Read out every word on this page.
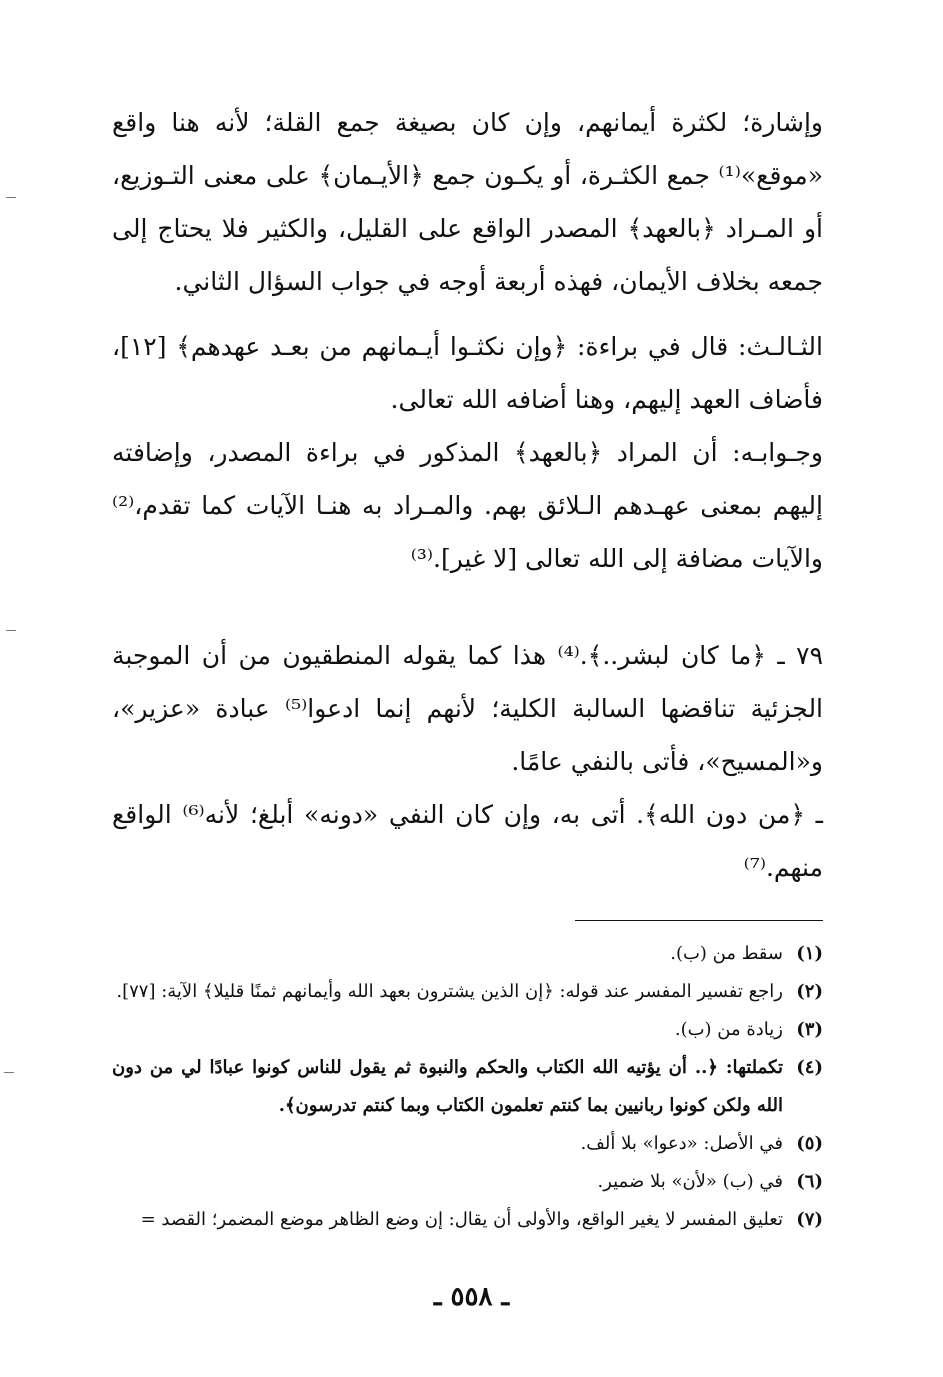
وإشارة؛ لكثرة أيمانهم، وإن كان بصيغة جمع القلة؛ لأنه هنا واقع «موقع»⁽¹⁾ جمع الكثـرة، أو يكـون جمع ﴿الأيـمان﴾ على معنى التـوزيع، أو المـراد ﴿بالعهد﴾ المصدر الواقع على القليل، والكثير فلا يحتاج إلى جمعه بخلاف الأيمان، فهذه أربعة أوجه في جواب السؤال الثاني.

الثـالـث: قال في براءة: ﴿وإن نكثـوا أيـمانهم من بعـد عهدهم﴾ [١٢]، فأضاف العهد إليهم، وهنا أضافه الله تعالى.

وجـوابـه: أن المراد ﴿بالعهد﴾ المذكور في براءة المصدر، وإضافته إليهم بمعنى عهـدهم الـلائق بهم. والمـراد به هنـا الآيات كما تقدم،⁽²⁾ والآيات مضافة إلى الله تعالى [لا غير].⁽³⁾

٧٩ ـ ﴿ما كان لبشر..﴾.⁽⁴⁾ هذا كما يقوله المنطقيون من أن الموجبة الجزئية تناقضها السالبة الكلية؛ لأنهم إنما ادعوا⁽⁵⁾ عبادة «عزير»، و«المسيح»، فأتى بالنفي عامًا.

ـ ﴿من دون الله﴾. أتى به، وإن كان النفي «دونه» أبلغ؛ لأنه⁽⁶⁾ الواقع منهم.⁽⁷⁾

(١)
سقط من (ب).
(٢)
راجع تفسير المفسر عند قوله: ﴿إن الذين يشترون بعهد الله وأيمانهم ثمنًا قليلا﴾ الآية: [٧٧].
(٣)
زيادة من (ب).
(٤)
تكملتها: ﴿.. أن يؤتيه الله الكتاب والحكم والنبوة ثم يقول للناس كونوا عبادًا لي من دون الله ولكن كونوا ربانيين بما كنتم تعلمون الكتاب وبما كنتم تدرسون﴾.
(٥)
في الأصل: «دعوا» بلا ألف.
(٦)
في (ب) «لأن» بلا ضمير.
(٧)
تعليق المفسر لا يغير الواقع، والأولى أن يقال: إن وضع الظاهر موضع المضمر؛ القصد =
ـ ٥٥٨ ـ
